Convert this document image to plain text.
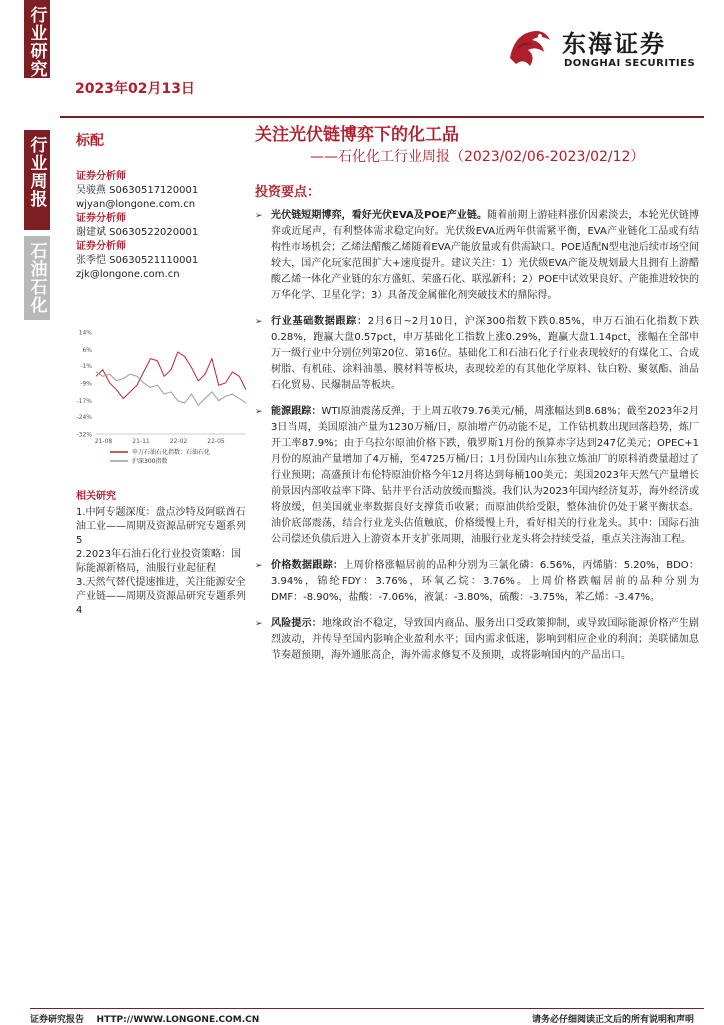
行业研究
行业周报
石油石化
2023年02月13日
东海证券
DONGHAI SECURITIES
关注光伏链博弈下的化工品
——石化化工行业周报（2023/02/06-2023/02/12）
标配
证券分析师
吴骏燕 S0630517120001
wjyan@longone.com.cn
证券分析师
谢建斌 S0630522020001
证券分析师
张季恺 S0630521110001
zjk@longone.com.cn
14%
6%
-1%
-9%
-17%
-24%
-32%
21-08	21-11	22-02	22-05
申万石油石化指数：石油石化
沪深300指数
相关研究
1.中阿专题深度：盘点沙特及阿联酋石油工业——周期及资源品研究专题系列5
2.2023年石油石化行业投资策略：国际能源新格局，油服行业起征程
3.天然气替代提速推进，关注能源安全产业链——周期及资源品研究专题系列4
投资要点：
➢ 光伏链短期博弈，看好光伏EVA及POE产业链。随着前期上游硅料涨价因素淡去，本轮光伏链博弈或近尾声，有利整体需求稳定向好。光伏级EVA近两年供需紧平衡，EVA产业链化工品或有结构性市场机会；乙烯法醋酸乙烯随着EVA产能放量或有供需缺口。POE适配N型电池后续市场空间较大，国产化玩家范围扩大+速度提升。建议关注：1）光伏级EVA产能及规划最大且拥有上游醋酸乙烯一体化产业链的东方盛虹、荣盛石化、联泓新科；2）POE中试效果良好、产能推进较快的万华化学、卫星化学；3）具备茂金属催化剂突破技术的鼎际得。
➢ 行业基础数据跟踪：2月6日~2月10日，沪深300指数下跌0.85%，申万石油石化指数下跌0.28%，跑赢大盘0.57pct，申万基础化工指数上涨0.29%，跑赢大盘1.14pct，涨幅在全部申万一级行业中分别位列第20位、第16位。基础化工和石油石化子行业表现较好的有煤化工、合成树脂、有机硅、涂料油墨、膜材料等板块，表现较差的有其他化学原料、钛白粉、聚氨酯、油品石化贸易、民爆制品等板块。
➢ 能源跟踪：WTI原油震荡反弹，于上周五收79.76美元/桶，周涨幅达到8.68%；截至2023年2月3日当周，美国原油产量为1230万桶/日，原油增产仍动能不足，工作钻机数出现回落趋势，炼厂开工率87.9%；由于乌拉尔原油价格下跌，俄罗斯1月份的预算赤字达到247亿美元；OPEC+1月份的原油产量增加了4万桶，至4725万桶/日；1月份国内山东独立炼油厂的原料消费量超过了行业预期；高盛预计布伦特原油价格今年12月将达到每桶100美元；美国2023年天然气产量增长前景因内部收益率下降、钻井平台活动放缓而黯淡。我们认为2023年国内经济复苏，海外经济或将放缓，但美国就业率数据良好支撑货币收紧；而原油供给受限，整体油价仍处于紧平衡状态。油价底部震荡，结合行业龙头估值触底，价格缓慢上升，看好相关的行业龙头。其中：国际石油公司偿还负债后进入上游资本开支扩张周期，油服行业龙头将会持续受益，重点关注海油工程。
➢ 价格数据跟踪：上周价格涨幅居前的品种分别为三氯化磷：6.56%，丙烯腈：5.20%，BDO：3.94%，锦纶FDY：3.76%，环氧乙烷：3.76%。上周价格跌幅居前的品种分别为 DMF：-8.90%，盐酸：-7.06%，液氯：-3.80%，硫酸：-3.75%，苯乙烯：-3.47%。
➢ 风险提示：地缘政治不稳定，导致国内商品、服务出口受政策抑制，或导致国际能源价格产生剧烈波动，并传导至国内影响企业盈利水平；国内需求低迷，影响到相应企业的利润；美联储加息节奏超预期，海外通胀高企，海外需求修复不及预期，或将影响国内的产品出口。
证券研究报告    HTTP://WWW.LONGONE.COM.CN	请务必仔细阅读正文后的所有说明和声明
